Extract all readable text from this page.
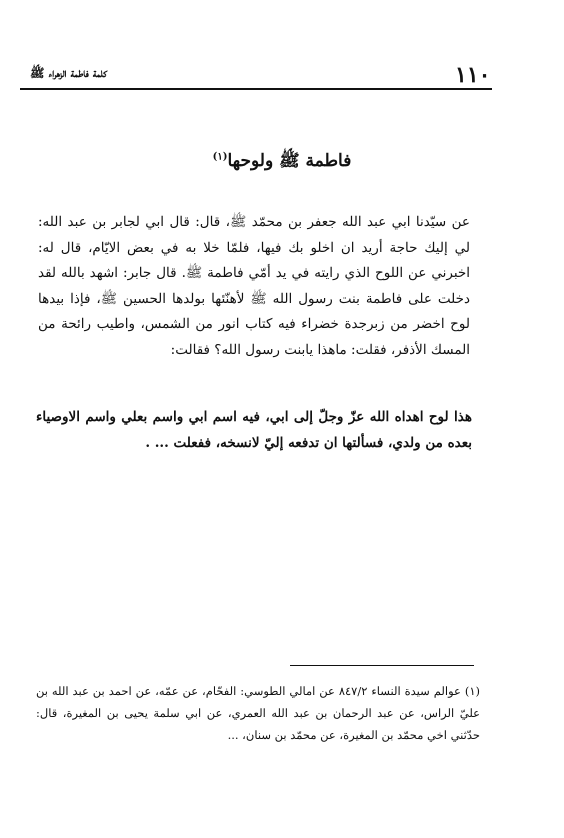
١١٠
كلمة فاطمة الزهراء ﷺ
فاطمة ﷺ ولوحها$^{(١)}$

عن سيّدنا ابي عبد الله جعفر بن محمّد ﷺ، قال: قال ابي لجابر بن عبد الله: لي إليك حاجة أريد ان اخلو بك فيها، فلمّا خلا به في بعض الايّام، قال له: اخبرني عن اللوح الذي رايته في يد أمّي فاطمة ﷺ. قال جابر: اشهد بالله لقد دخلت على فاطمة بنت رسول الله ﷺ لأهنّئها بولدها الحسين ﷺ، فإذا بيدها لوح اخضر من زبرجدة خضراء فيه كتاب انور من الشمس، واطيب رائحة من المسك الأذفر، فقلت: ماهذا يابنت رسول الله؟ فقالت:

هذا لوح اهداه الله عزّ وجلّ إلى ابي، فيه اسم ابي واسم بعلي واسم الاوصياء بعده من ولدي، فسألتها ان تدفعه إليّ لانسخه، ففعلت ... .

(١) عوالم سيدة النساء ٨٤٧/٢ عن امالي الطوسي: الفحّام، عن عمّه، عن احمد بن عبد الله بن عليّ الراس، عن عبد الرحمان بن عبد الله العمري، عن ابي سلمة يحيى بن المغيرة، قال: حدّثني اخي محمّد بن المغيرة، عن محمّد بن سنان، ...
